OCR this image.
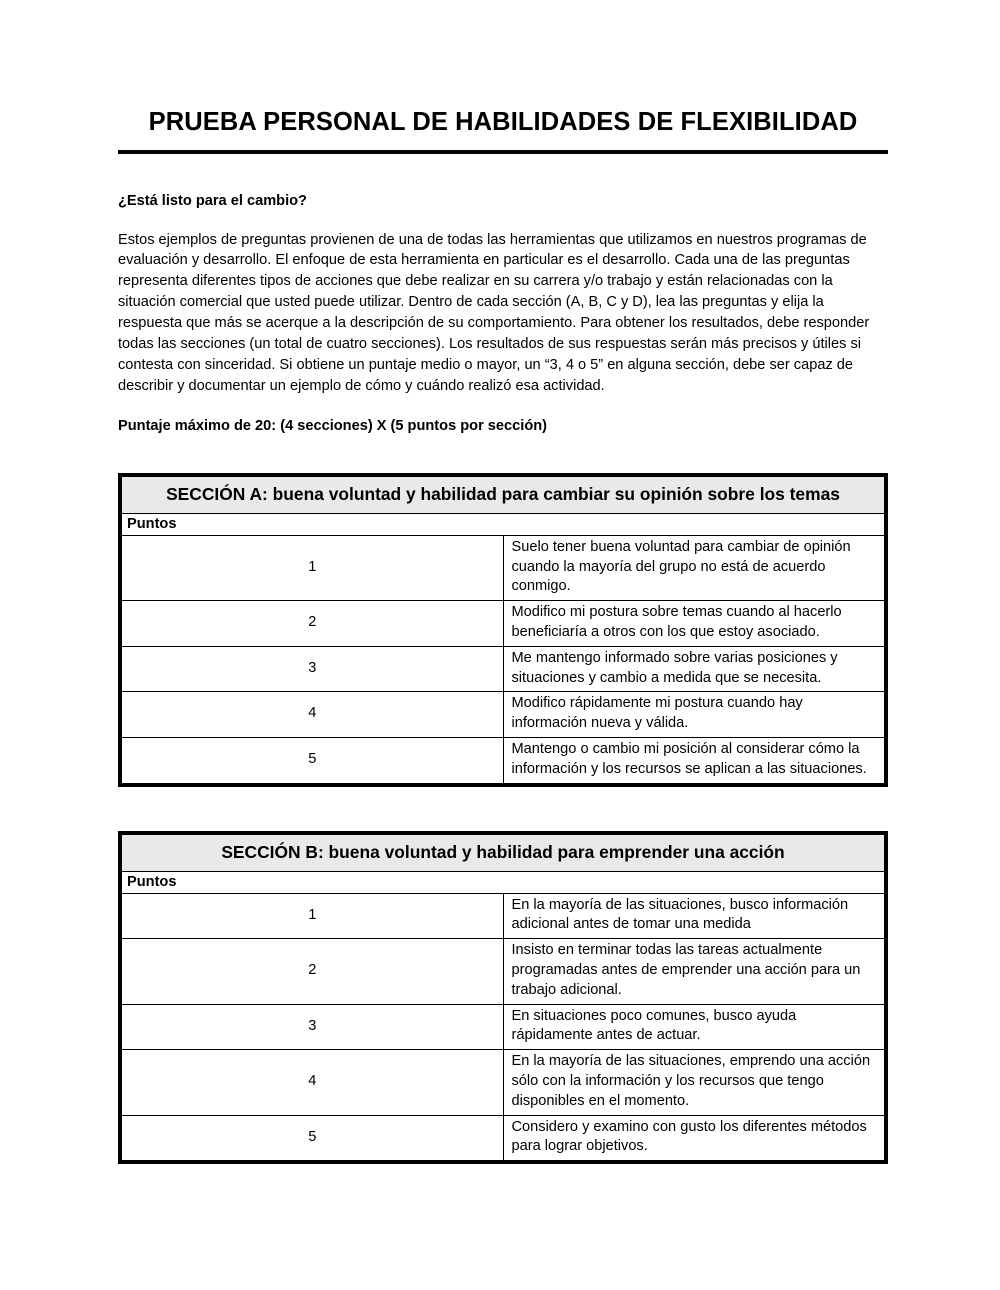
PRUEBA PERSONAL DE HABILIDADES DE FLEXIBILIDAD

¿Está listo para el cambio?

Estos ejemplos de preguntas provienen de una de todas las herramientas que utilizamos en nuestros programas de evaluación y desarrollo. El enfoque de esta herramienta en particular es el desarrollo. Cada una de las preguntas representa diferentes tipos de acciones que debe realizar en su carrera y/o trabajo y están relacionadas con la situación comercial que usted puede utilizar. Dentro de cada sección (A, B, C y D), lea las preguntas y elija la respuesta que más se acerque a la descripción de su comportamiento. Para obtener los resultados, debe responder todas las secciones (un total de cuatro secciones). Los resultados de sus respuestas serán más precisos y útiles si contesta con sinceridad. Si obtiene un puntaje medio o mayor, un “3, 4 o 5” en alguna sección, debe ser capaz de describir y documentar un ejemplo de cómo y cuándo realizó esa actividad.

Puntaje máximo de 20: (4 secciones) X (5 puntos por sección)

SECCIÓN A: buena voluntad y habilidad para cambiar su opinión sobre los temas	
Puntos	
1	Suelo tener buena voluntad para cambiar de opinión cuando la mayoría del grupo no está de acuerdo conmigo.
2	Modifico mi postura sobre temas cuando al hacerlo beneficiaría a otros con los que estoy asociado.
3	Me mantengo informado sobre varias posiciones y situaciones y cambio a medida que se necesita.
4	Modifico rápidamente mi postura cuando hay información nueva y válida.
5	Mantengo o cambio mi posición al considerar cómo la información y los recursos se aplican a las situaciones.
SECCIÓN B: buena voluntad y habilidad para emprender una acción	
Puntos	
1	En la mayoría de las situaciones, busco información adicional antes de tomar una medida
2	Insisto en terminar todas las tareas actualmente programadas antes de emprender una acción para un trabajo adicional.
3	En situaciones poco comunes, busco ayuda rápidamente antes de actuar.
4	En la mayoría de las situaciones, emprendo una acción sólo con la información y los recursos que tengo disponibles en el momento.
5	Considero y examino con gusto los diferentes métodos para lograr objetivos.
